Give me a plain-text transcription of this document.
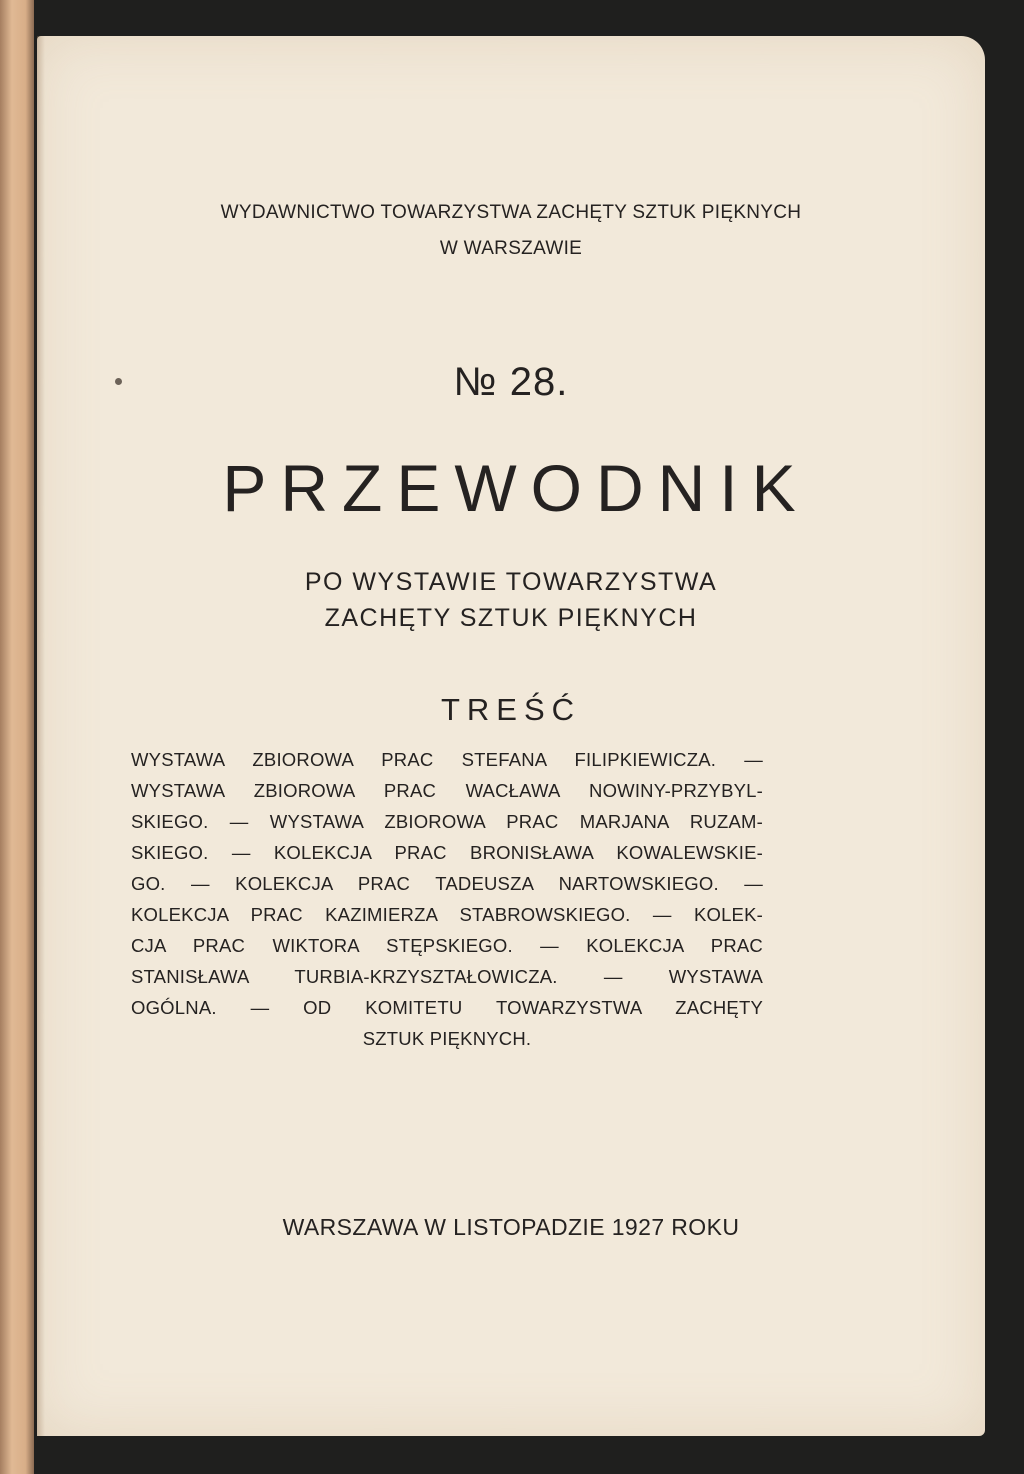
WYDAWNICTWO TOWARZYSTWA ZACHĘTY SZTUK PIĘKNYCH
W WARSZAWIE
№ 28.
PRZEWODNIK
PO WYSTAWIE TOWARZYSTWA
ZACHĘTY SZTUK PIĘKNYCH
TREŚĆ
WYSTAWA ZBIOROWA PRAC STEFANA FILIPKIEWICZA. —
WYSTAWA ZBIOROWA PRAC WACŁAWA NOWINY-PRZYBYL-
SKIEGO. — WYSTAWA ZBIOROWA PRAC MARJANA RUZAM-
SKIEGO. — KOLEKCJA PRAC BRONISŁAWA KOWALEWSKIE-
GO. — KOLEKCJA PRAC TADEUSZA NARTOWSKIEGO. —
KOLEKCJA PRAC KAZIMIERZA STABROWSKIEGO. — KOLEK-
CJA PRAC WIKTORA STĘPSKIEGO. — KOLEKCJA PRAC
STANISŁAWA TURBIA-KRZYSZTAŁOWICZA. — WYSTAWA
OGÓLNA. — OD KOMITETU TOWARZYSTWA ZACHĘTY
SZTUK PIĘKNYCH.
WARSZAWA W LISTOPADZIE 1927 ROKU
